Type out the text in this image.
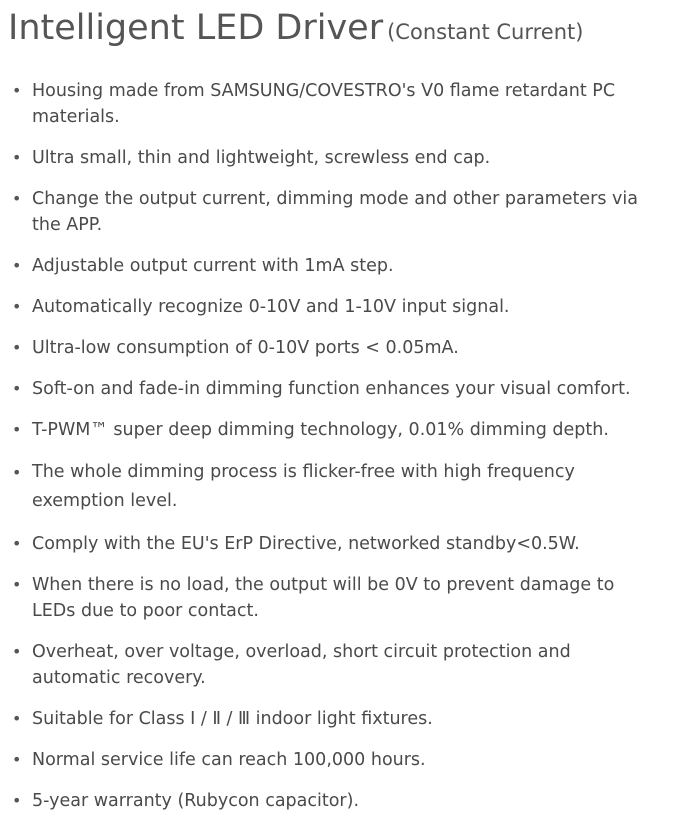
Intelligent LED Driver (Constant Current)
• Housing made from SAMSUNG/COVESTRO's V0 flame retardant PC materials.
• Ultra small, thin and lightweight, screwless end cap.
• Change the output current, dimming mode and other parameters via the APP.
• Adjustable output current with 1mA step.
• Automatically recognize 0-10V and 1-10V input signal.
• Ultra-low consumption of 0-10V ports < 0.05mA.
• Soft-on and fade-in dimming function enhances your visual comfort.
• T-PWM™ super deep dimming technology, 0.01% dimming depth.
• The whole dimming process is flicker-free with high frequency exemption level.
• Comply with the EU's ErP Directive, networked standby<0.5W.
• When there is no load, the output will be 0V to prevent damage to LEDs due to poor contact.
• Overheat, over voltage, overload, short circuit protection and automatic recovery.
• Suitable for Class Ⅰ / Ⅱ / Ⅲ indoor light fixtures.
• Normal service life can reach 100,000 hours.
• 5-year warranty (Rubycon capacitor).
